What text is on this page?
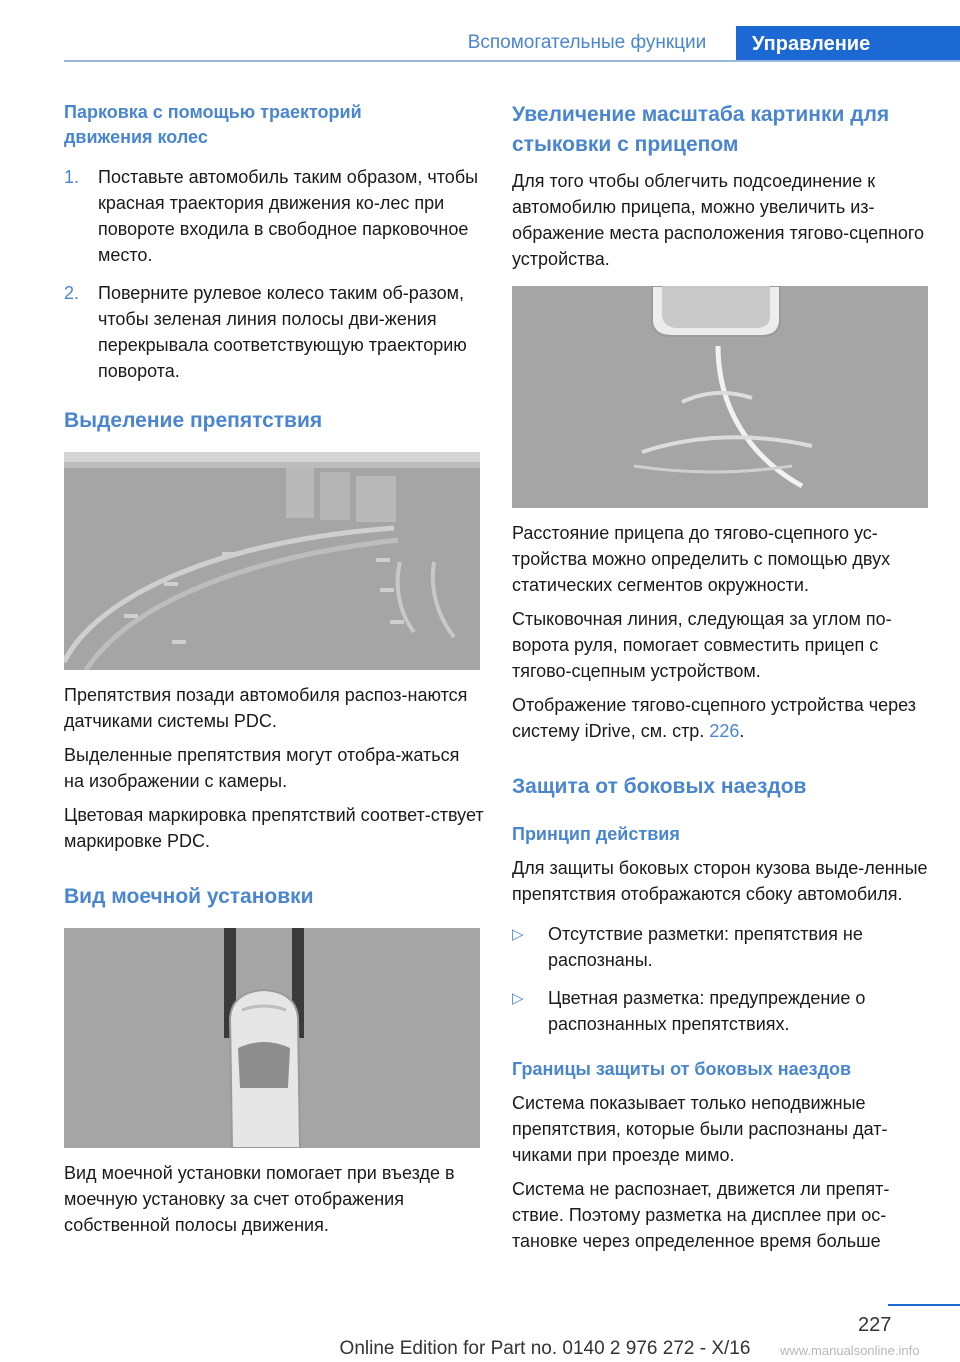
Вспомогательные функции	Управление
Парковка с помощью траекторий движения колес
1.	Поставьте автомобиль таким образом, чтобы красная траектория движения ко-лес при повороте входила в свободное парковочное место.
2.	Поверните рулевое колесо таким об-разом, чтобы зеленая линия полосы дви-жения перекрывала соответствующую траекторию поворота.
Выделение препятствия

Препятствия позади автомобиля распоз-наются датчиками системы PDC.

Выделенные препятствия могут отобра-жаться на изображении с камеры.

Цветовая маркировка препятствий соответ-ствует маркировке PDC.

Вид моечной установки

Вид моечной установки помогает при въезде в моечную установку за счет отображения собственной полосы движения.

Увеличение масштаба картинки для стыковки с прицепом

Для того чтобы облегчить подсоединение к автомобилю прицепа, можно увеличить из-ображение места расположения тягово-сцепного устройства.

Расстояние прицепа до тягово-сцепного ус-тройства можно определить с помощью двух статических сегментов окружности.

Стыковочная линия, следующая за углом по-ворота руля, помогает совместить прицеп с тягово-сцепным устройством.

Отображение тягово-сцепного устройства через систему iDrive, см. стр. 226.

Защита от боковых наездов
Принцип действия

Для защиты боковых сторон кузова выде-ленные препятствия отображаются сбоку автомобиля.

▷	Отсутствие разметки: препятствия не распознаны.
▷	Цветная разметка: предупреждение о распознанных препятствиях.
Границы защиты от боковых наездов

Система показывает только неподвижные препятствия, которые были распознаны дат-чиками при проезде мимо.

Система не распознает, движется ли препят-ствие. Поэтому разметка на дисплее при ос-тановке через определенное время больше

227
Online Edition for Part no. 0140 2 976 272 - X/16	www.manualsonline.info
